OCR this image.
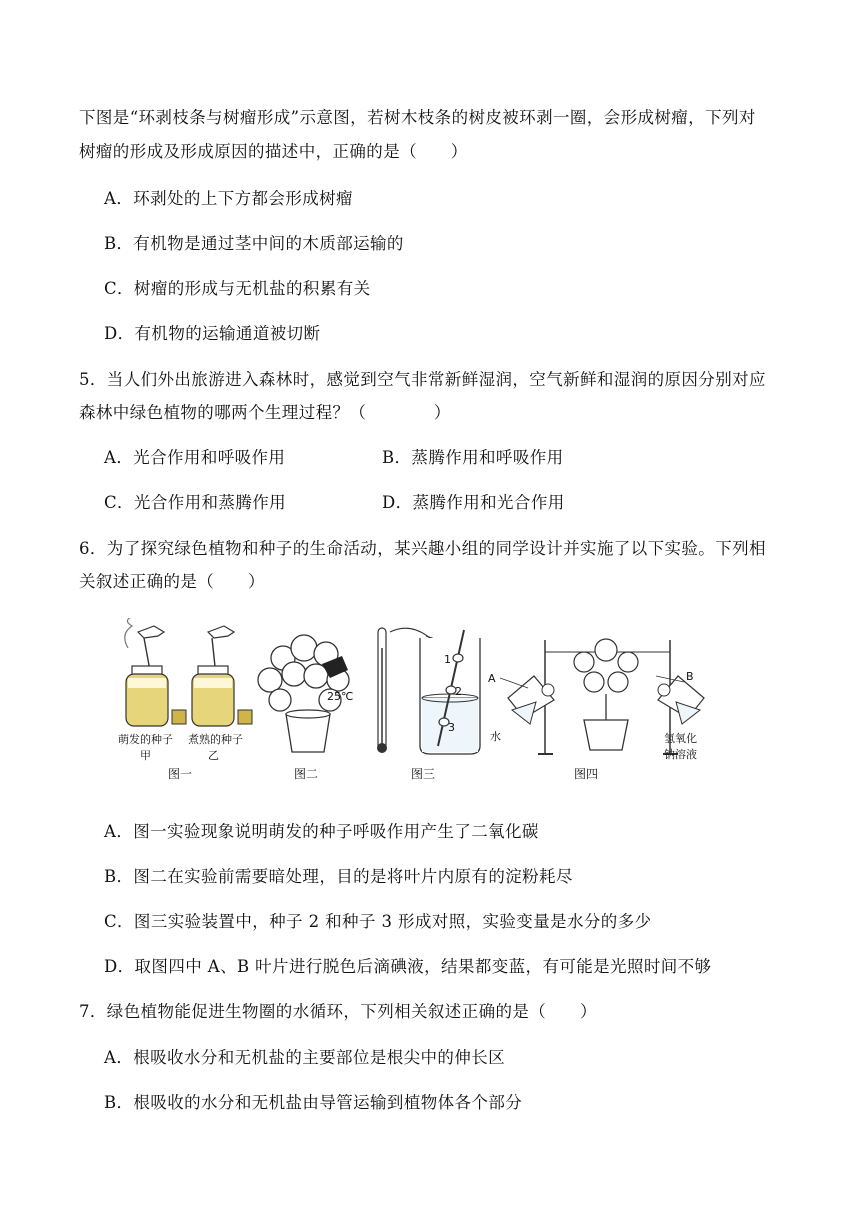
下图是“环剥枝条与树瘤形成”示意图，若树木枝条的树皮被环剥一圈，会形成树瘤，下列对
树瘤的形成及形成原因的描述中，正确的是（　　）
A．环剥处的上下方都会形成树瘤
B．有机物是通过茎中间的木质部运输的
C．树瘤的形成与无机盐的积累有关
D．有机物的运输通道被切断
5．当人们外出旅游进入森林时，感觉到空气非常新鲜湿润，空气新鲜和湿润的原因分别对应
森林中绿色植物的哪两个生理过程？（　　　　）
A．光合作用和呼吸作用	B．蒸腾作用和呼吸作用
C．光合作用和蒸腾作用	D．蒸腾作用和光合作用
6．为了探究绿色植物和种子的生命活动，某兴趣小组的同学设计并实施了以下实验。下列相
关叙述正确的是（　　）
萌发的种子 煮熟的种子
甲	乙
图一	图二
25℃
1
2
3
图三
A	B
水	氢氧化
钠溶液
图四
A．图一实验现象说明萌发的种子呼吸作用产生了二氧化碳
B．图二在实验前需要暗处理，目的是将叶片内原有的淀粉耗尽
C．图三实验装置中，种子 2 和种子 3 形成对照，实验变量是水分的多少
D．取图四中 A、B 叶片进行脱色后滴碘液，结果都变蓝，有可能是光照时间不够
7．绿色植物能促进生物圈的水循环，下列相关叙述正确的是（　　）
A．根吸收水分和无机盐的主要部位是根尖中的伸长区
B．根吸收的水分和无机盐由导管运输到植物体各个部分
